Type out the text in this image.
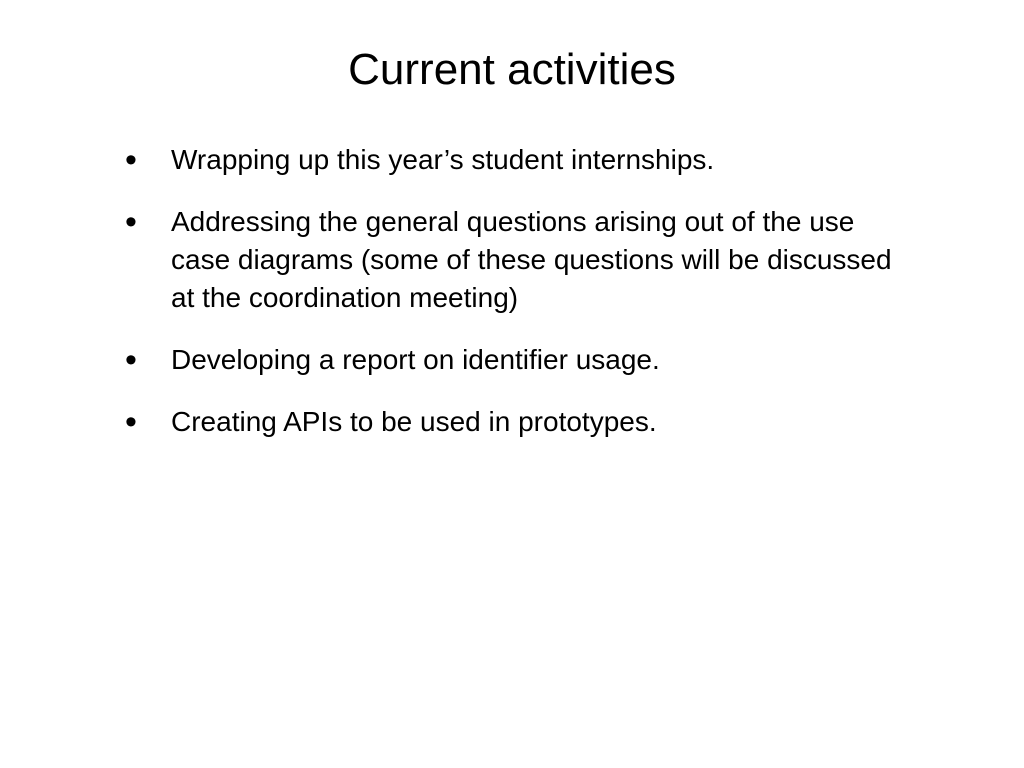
Current activities
• Wrapping up this year’s student internships.
• Addressing the general questions arising out of the use case diagrams (some of these questions will be discussed at the coordination meeting)
• Developing a report on identifier usage.
• Creating APIs to be used in prototypes.
